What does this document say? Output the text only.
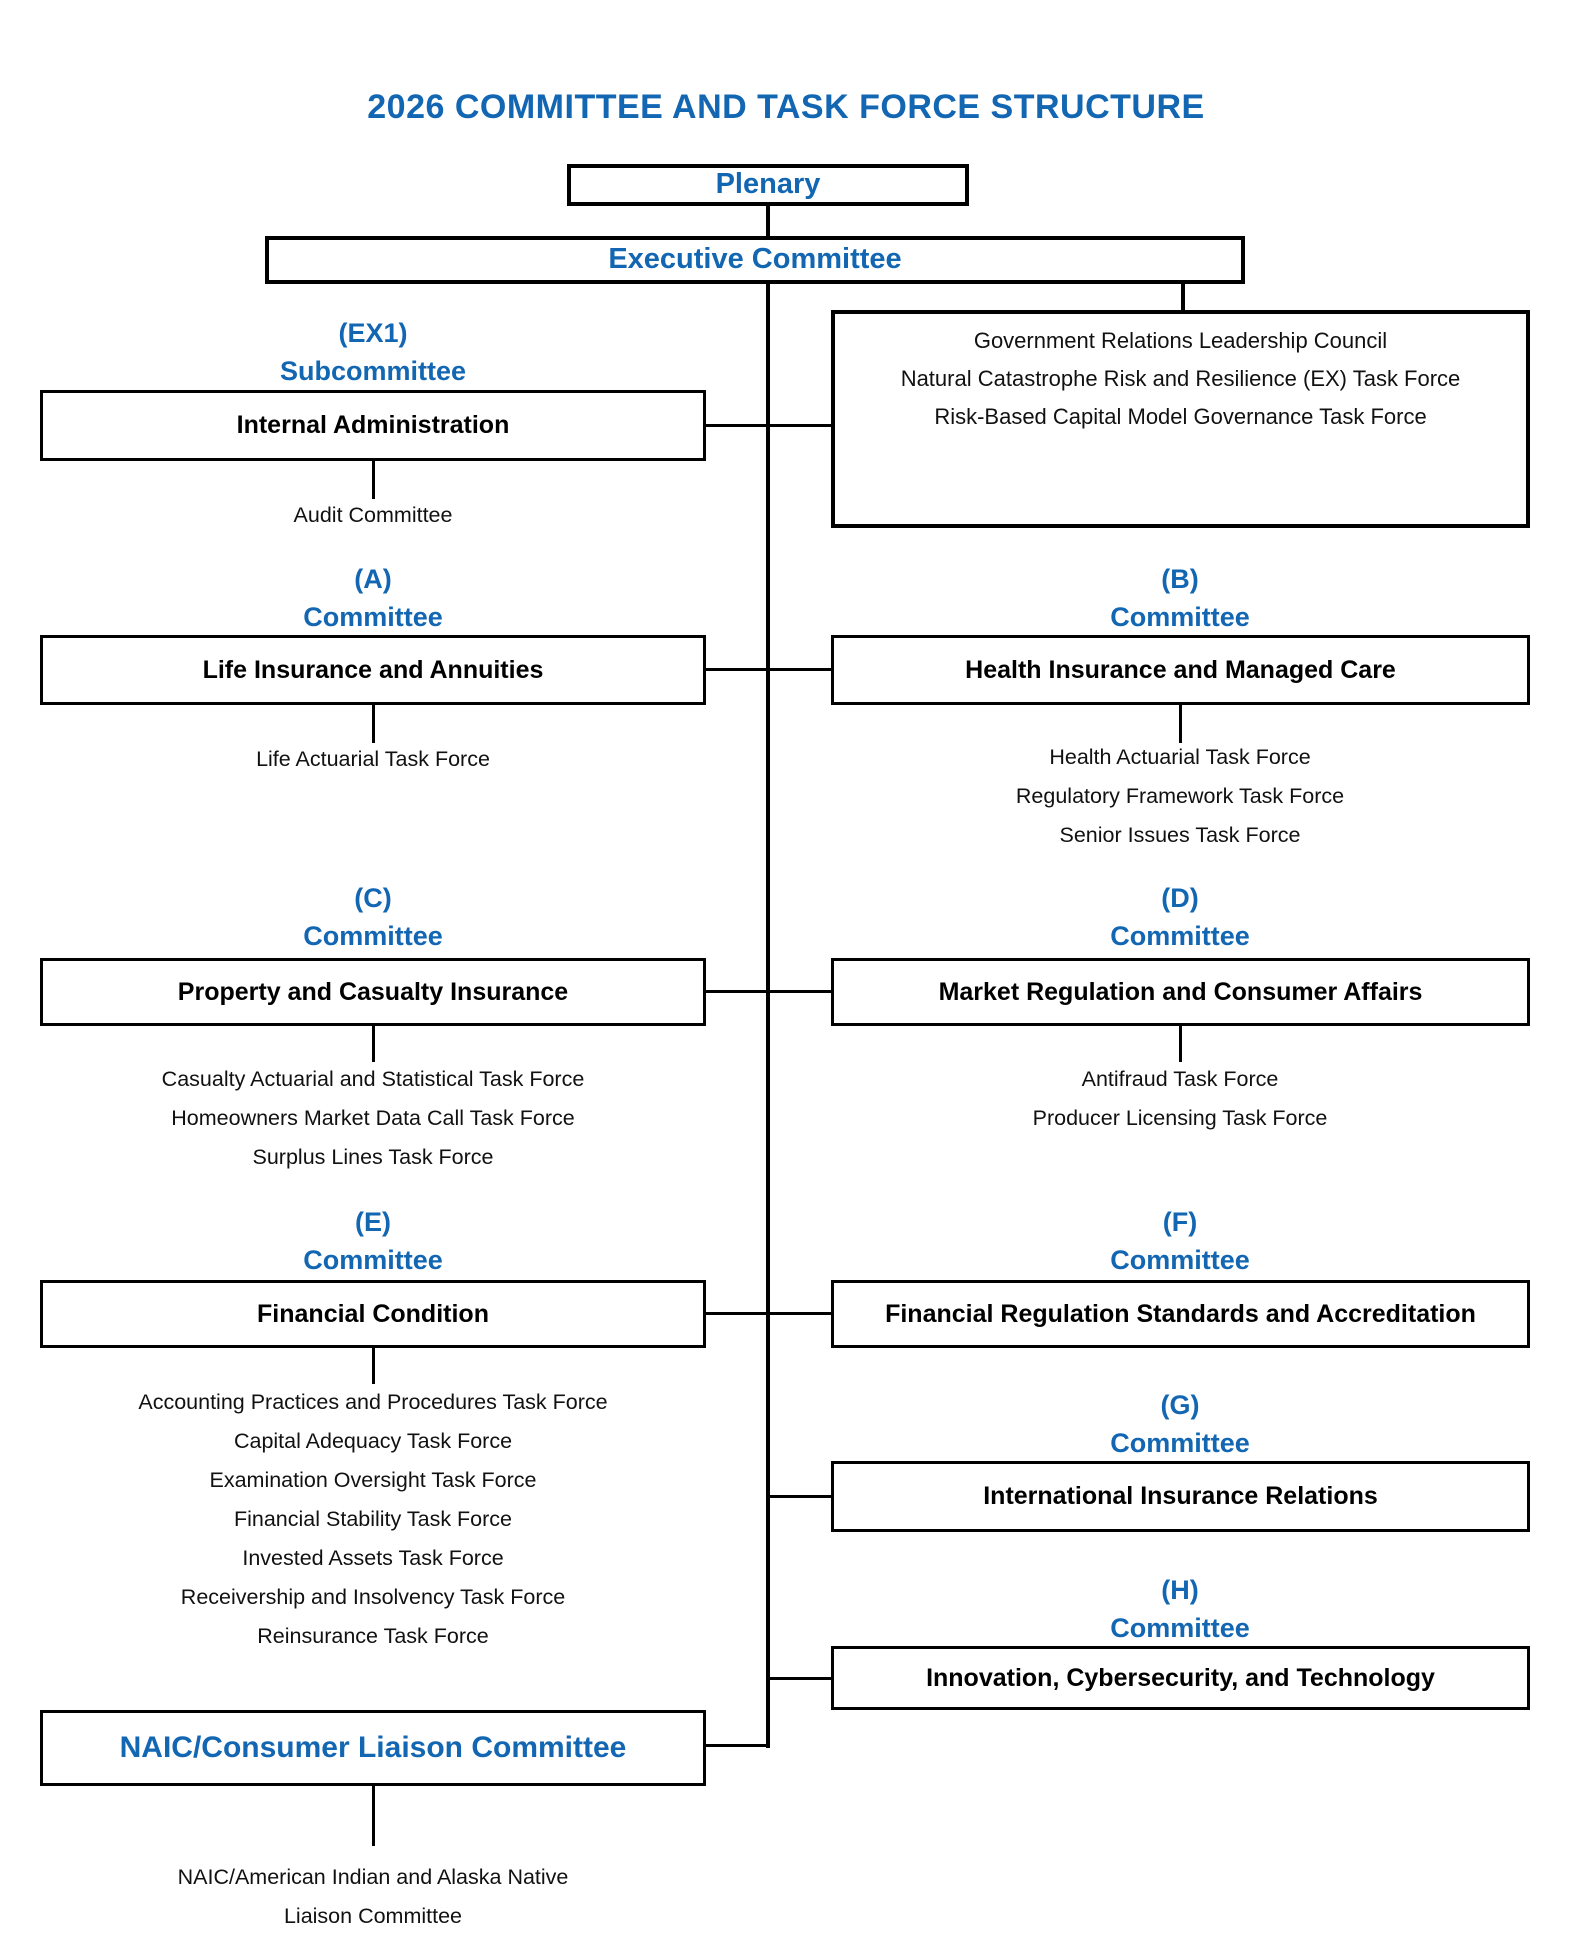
2026 COMMITTEE AND TASK FORCE STRUCTURE
Plenary
Executive Committee
Government Relations Leadership Council
Natural Catastrophe Risk and Resilience (EX) Task Force
Risk-Based Capital Model Governance Task Force
(EX1)
Subcommittee
Internal Administration
Audit Committee
(A)
Committee
Life Insurance and Annuities
Life Actuarial Task Force
(B)
Committee
Health Insurance and Managed Care
Health Actuarial Task Force
Regulatory Framework Task Force
Senior Issues Task Force
(C)
Committee
Property and Casualty Insurance
Casualty Actuarial and Statistical Task Force
Homeowners Market Data Call Task Force
Surplus Lines Task Force
(D)
Committee
Market Regulation and Consumer Affairs
Antifraud Task Force
Producer Licensing Task Force
(E)
Committee
Financial Condition
Accounting Practices and Procedures Task Force
Capital Adequacy Task Force
Examination Oversight Task Force
Financial Stability Task Force
Invested Assets Task Force
Receivership and Insolvency Task Force
Reinsurance Task Force
(F)
Committee
Financial Regulation Standards and Accreditation
(G)
Committee
International Insurance Relations
(H)
Committee
Innovation, Cybersecurity, and Technology
NAIC/Consumer Liaison Committee
NAIC/American Indian and Alaska Native
Liaison Committee
